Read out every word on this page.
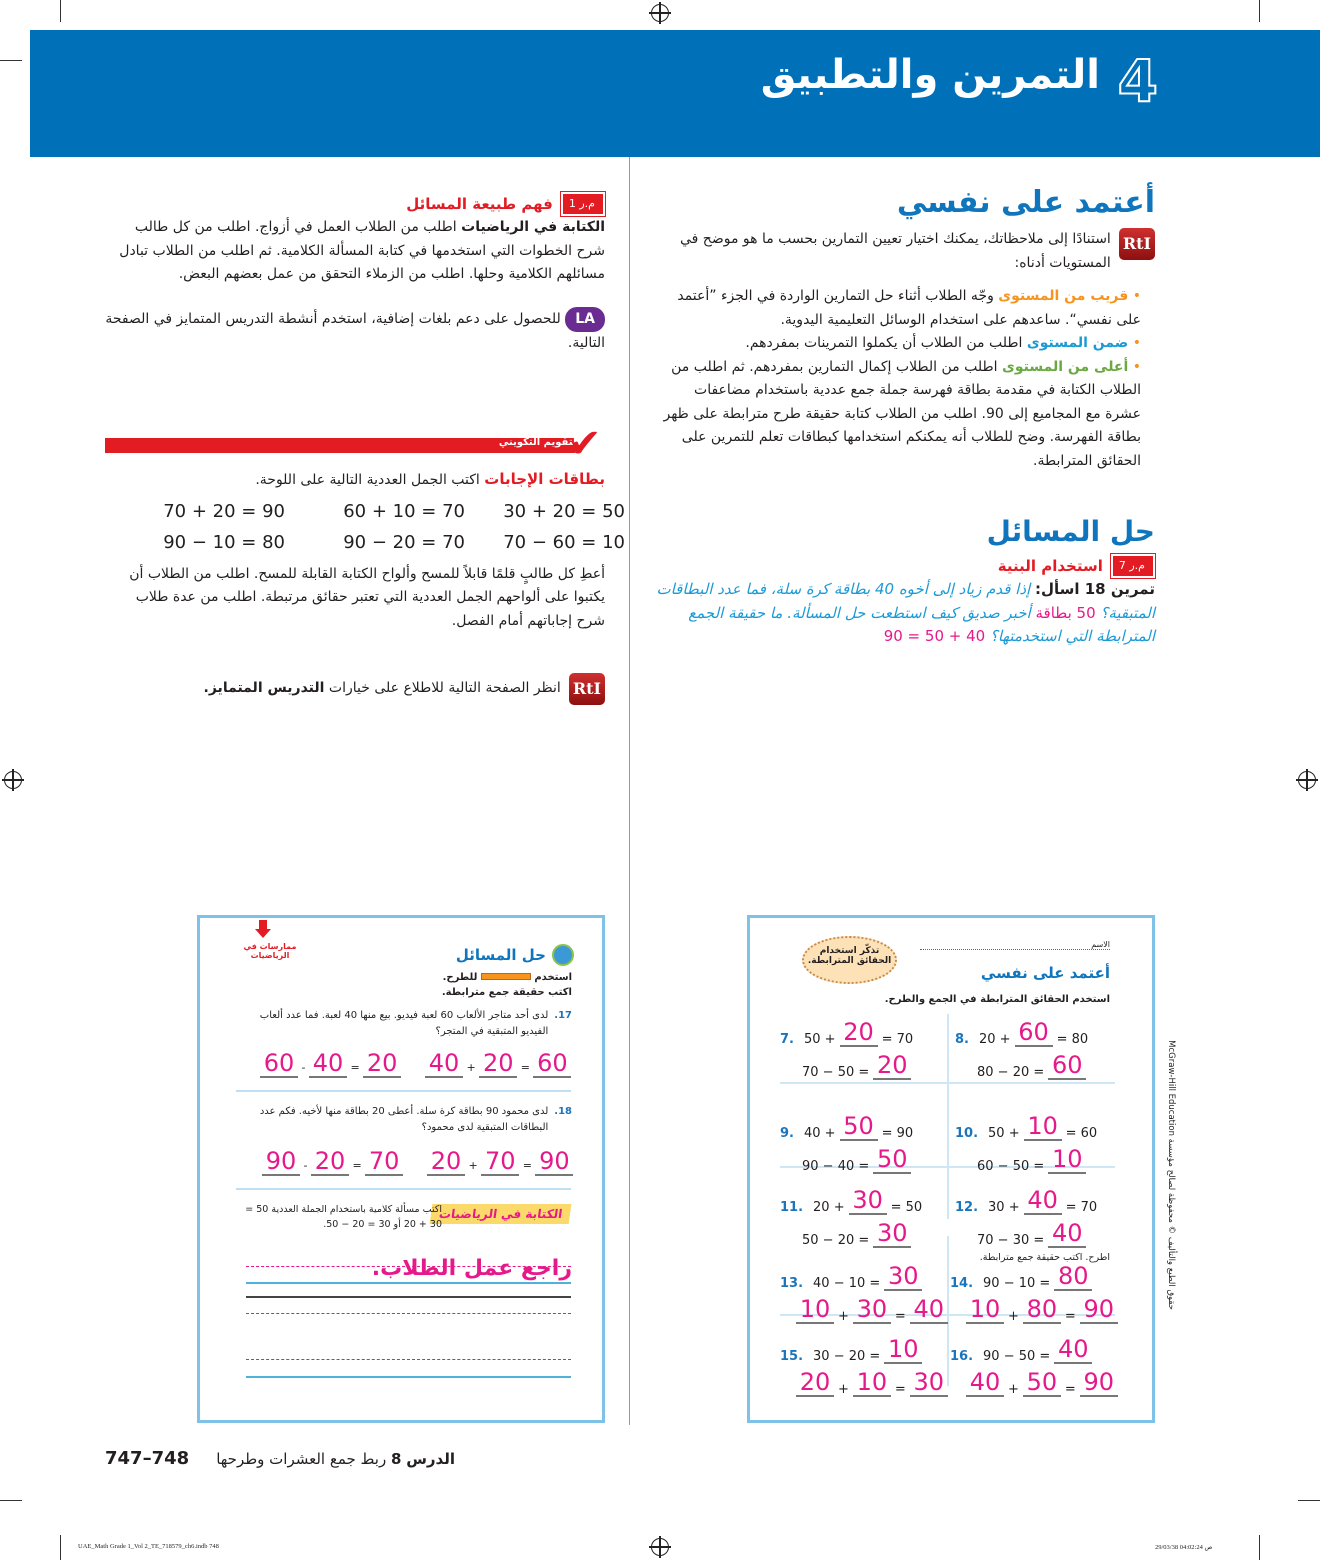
4
التمرين والتطبيق
أعتمد على نفسي
RtI
استنادًا إلى ملاحظاتك، يمكنك اختيار تعيين التمارين بحسب ما هو موضح في المستويات أدناه:
• قريب من المستوى وجّه الطلاب أثناء حل التمارين الواردة في الجزء ”أعتمد على نفسي“. ساعدهم على استخدام الوسائل التعليمية اليدوية.
• ضمن المستوى اطلب من الطلاب أن يكملوا التمرينات بمفردهم.
• أعلى من المستوى اطلب من الطلاب إكمال التمارين بمفردهم. ثم اطلب من الطلاب الكتابة في مقدمة بطاقة فهرسة جملة جمع عددية باستخدام مضاعفات عشرة مع المجاميع إلى 90. اطلب من الطلاب كتابة حقيقة طرح مترابطة على ظهر بطاقة الفهرسة. وضح للطلاب أنه يمكنكم استخدامها كبطاقات تعلم للتمرين على الحقائق المترابطة.
حل المسائل
م.ر 7
استخدام البنية
تمرين 18 اسأل: إذا قدم زياد إلى أخوه 40 بطاقة كرة سلة، فما عدد البطاقات المتبقية؟ 50 بطاقة أخبر صديق كيف استطعت حل المسألة. ما حقيقة الجمع المترابطة التي استخدمتها؟ 90 = 50 + 40
م.ر 1
فهم طبيعة المسائل
الكتابة في الرياضيات اطلب من الطلاب العمل في أزواج. اطلب من كل طالب شرح الخطوات التي استخدمها في كتابة المسألة الكلامية. ثم اطلب من الطلاب تبادل مسائلهم الكلامية وحلها. اطلب من الزملاء التحقق من عمل بعضهم البعض.
LA للحصول على دعم بلغات إضافية، استخدم أنشطة التدريس المتمايز في الصفحة التالية.
التقويم التكويني
✔
بطاقات الإجابات اكتب الجمل العددية التالية على اللوحة.
70 + 20 = 90	60 + 10 = 70	30 + 20 = 50
90 − 10 = 80	90 − 20 = 70	70 − 60 = 10
أعطِ كل طالبٍ قلمًا قابلاً للمسح وألواح الكتابة القابلة للمسح. اطلب من الطلاب أن يكتبوا على ألواحهم الجمل العددية التي تعتبر حقائق مرتبطة. اطلب من عدة طلاب شرح إجاباتهم أمام الفصل.
RtI
انظر الصفحة التالية للاطلاع على خيارات التدريس المتمايز.
ممارسات في الرياضيات	حل المسائل
استخدم  للطرح.
اكتب حقيقة جمع مترابطة.
17.
لدى أحد متاجر الألعاب 60 لعبة فيديو. بيع منها 40 لعبة. فما عدد ألعاب الفيديو المتبقية في المتجر؟
60 - 40 = 20 40 + 20 = 60
18.
لدى محمود 90 بطاقة كرة سلة. أعطى 20 بطاقة منها لأخيه. فكم عدد البطاقات المتبقية لدى محمود؟
90 - 20 = 70 20 + 70 = 90
الكتابة في الرياضيات
اكتب مسألة كلامية باستخدام الجملة العددية 50 = 30 + 20 أو 30 = 20 − 50.
راجع عمل الطلاب.
تذكّر استخدام الحقائق المترابطة.
الاسم
أعتمد على نفسي
استخدم الحقائق المترابطة في الجمع والطرح.
اطرح. اكتب حقيقة جمع مترابطة.
7. 50 + 20 = 70
70 − 50 = 20
8. 20 + 60 = 80
80 − 20 = 60
9. 40 + 50 = 90
90 − 40 = 50
10. 50 + 10 = 60
60 − 50 = 10
11. 20 + 30 = 50
50 − 20 = 30
12. 30 + 40 = 70
70 − 30 = 40
13. 40 − 10 = 30
10 + 30 = 40
14. 90 − 10 = 80
10 + 80 = 90
15. 30 − 20 = 10
20 + 10 = 30
16. 90 − 50 = 40
40 + 50 = 90
حقوق الطبع والتأليف © محفوظة لصالح مؤسسة McGraw-Hill Education
الدرس 8 ربط جمع العشرات وطرحها
747–748
UAE_Math Grade 1_Vol 2_TE_718579_ch6.indb 748	29/03/38 04:02:24 ص
